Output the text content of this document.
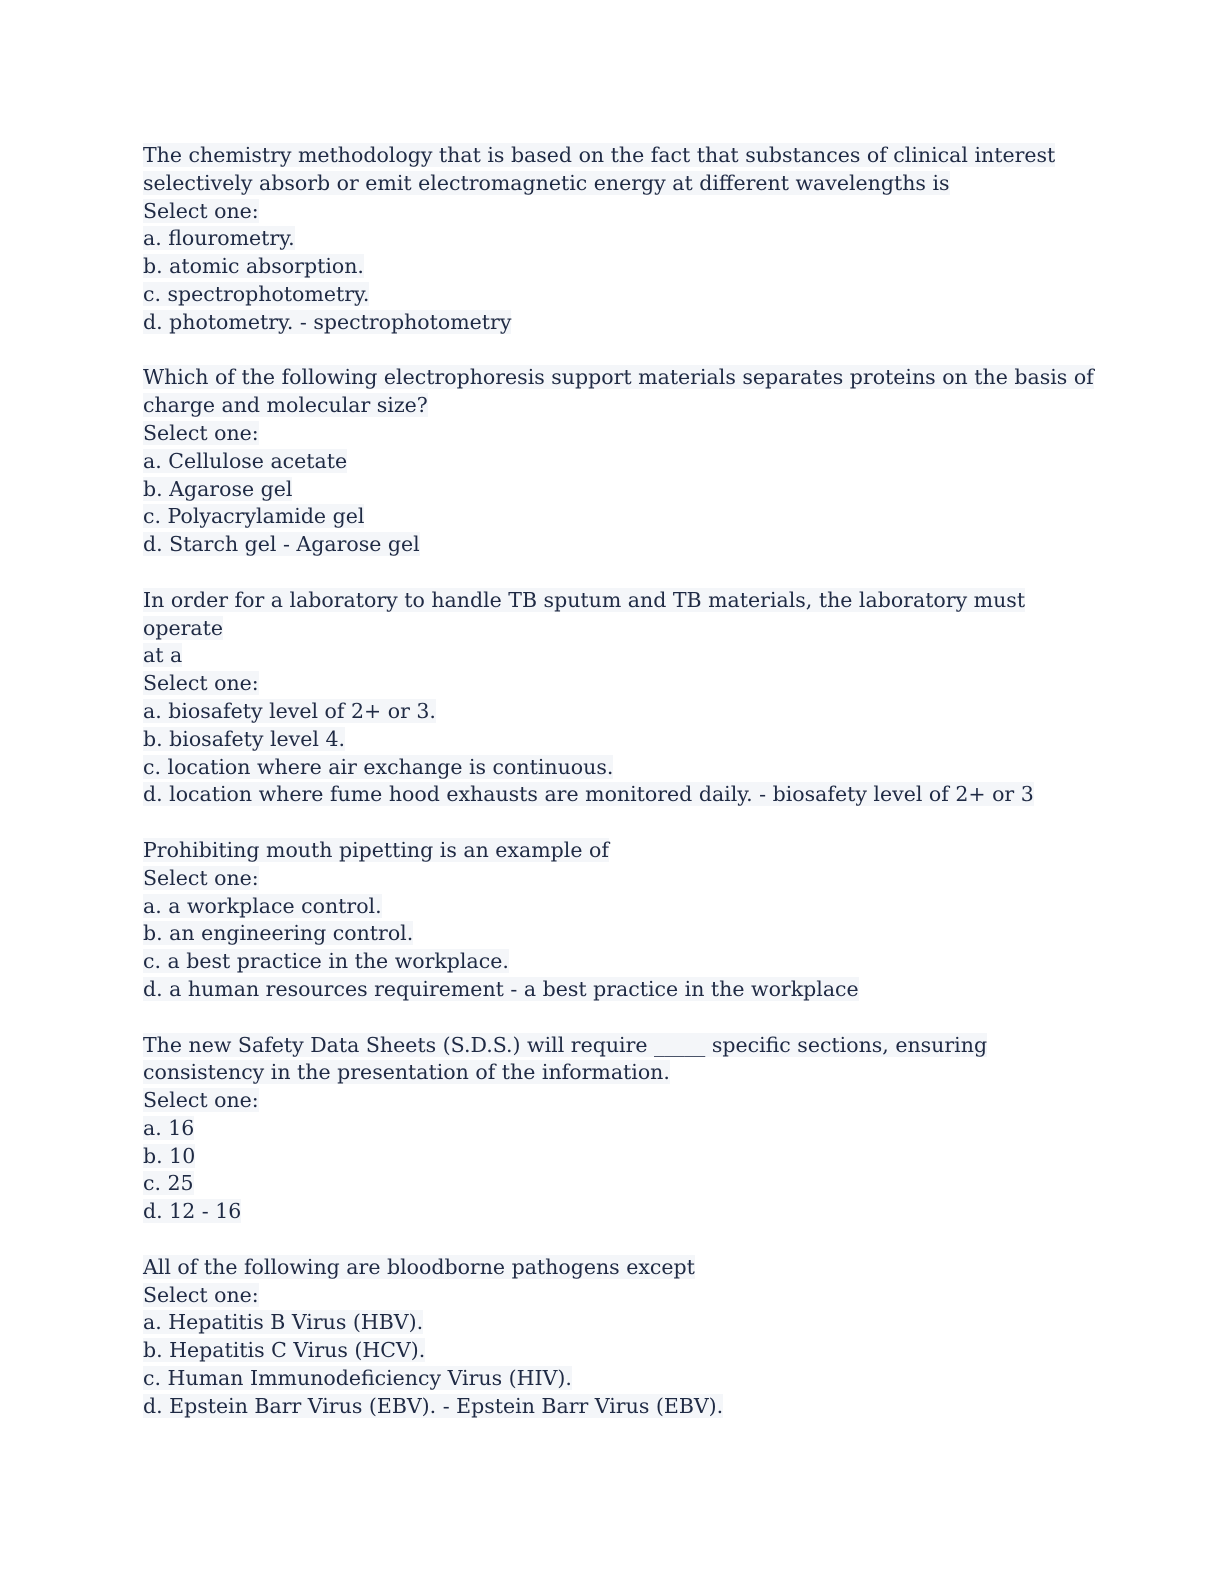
The chemistry methodology that is based on the fact that substances of clinical interest
selectively absorb or emit electromagnetic energy at different wavelengths is
Select one:
a. flourometry.
b. atomic absorption.
c. spectrophotometry.
d. photometry. - spectrophotometry
Which of the following electrophoresis support materials separates proteins on the basis of
charge and molecular size?
Select one:
a. Cellulose acetate
b. Agarose gel
c. Polyacrylamide gel
d. Starch gel - Agarose gel
In order for a laboratory to handle TB sputum and TB materials, the laboratory must
operate
at a
Select one:
a. biosafety level of 2+ or 3.
b. biosafety level 4.
c. location where air exchange is continuous.
d. location where fume hood exhausts are monitored daily. - biosafety level of 2+ or 3
Prohibiting mouth pipetting is an example of
Select one:
a. a workplace control.
b. an engineering control.
c. a best practice in the workplace.
d. a human resources requirement - a best practice in the workplace
The new Safety Data Sheets (S.D.S.) will require _____ specific sections, ensuring
consistency in the presentation of the information.
Select one:
a. 16
b. 10
c. 25
d. 12 - 16
All of the following are bloodborne pathogens except
Select one:
a. Hepatitis B Virus (HBV).
b. Hepatitis C Virus (HCV).
c. Human Immunodeficiency Virus (HIV).
d. Epstein Barr Virus (EBV). - Epstein Barr Virus (EBV).
